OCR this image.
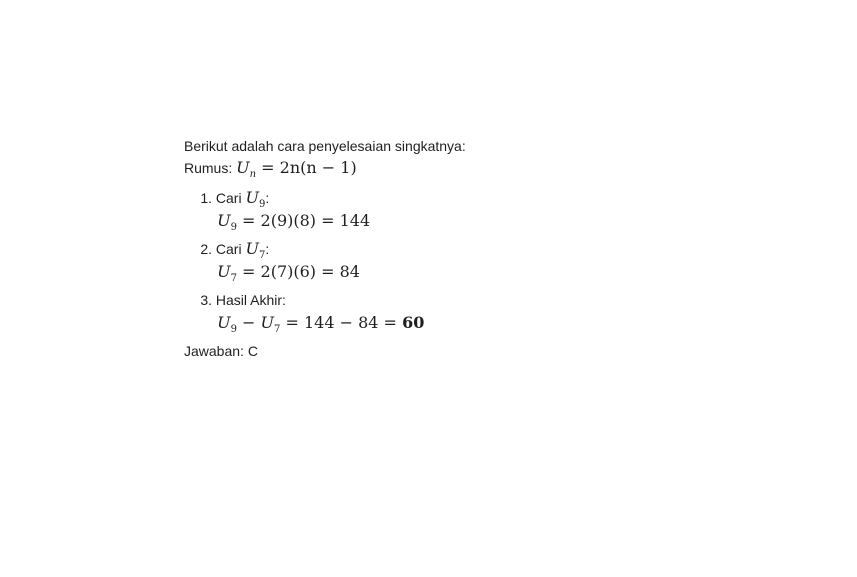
Berikut adalah cara penyelesaian singkatnya:
Rumus: $U_n = 2n(n - 1)$
1. Cari $U_9$:
$U_9 = 2(9)(8) = 144$
2. Cari $U_7$:
$U_7 = 2(7)(6) = 84$
3. Hasil Akhir:
$U_9 - U_7 = 144 - 84 = 60$
Jawaban: C
